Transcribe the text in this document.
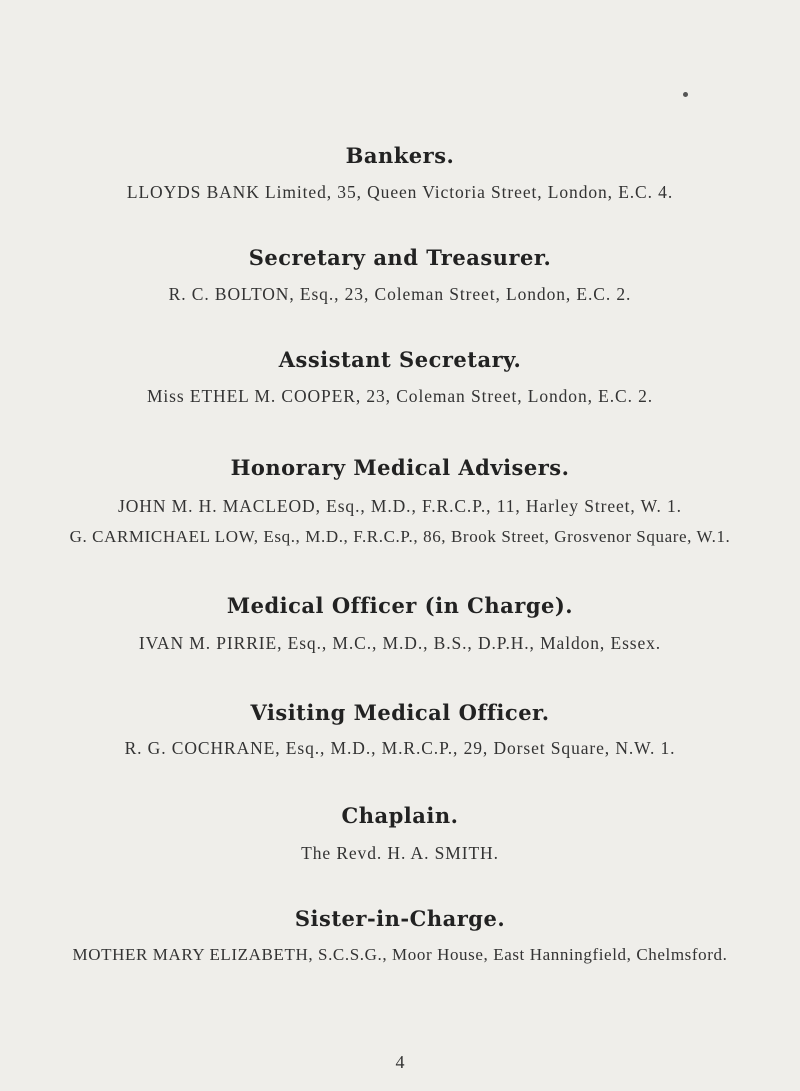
Bankers.
LLOYDS BANK Limited, 35, Queen Victoria Street, London, E.C. 4.
Secretary and Treasurer.
R. C. BOLTON, Esq., 23, Coleman Street, London, E.C. 2.
Assistant Secretary.
Miss ETHEL M. COOPER, 23, Coleman Street, London, E.C. 2.
Honorary Medical Advisers.
JOHN M. H. MACLEOD, Esq., M.D., F.R.C.P., 11, Harley Street, W. 1.
G. CARMICHAEL LOW, Esq., M.D., F.R.C.P., 86, Brook Street, Grosvenor Square, W.1.
Medical Officer (in Charge).
IVAN M. PIRRIE, Esq., M.C., M.D., B.S., D.P.H., Maldon, Essex.
Visiting Medical Officer.
R. G. COCHRANE, Esq., M.D., M.R.C.P., 29, Dorset Square, N.W. 1.
Chaplain.
The Revd. H. A. SMITH.
Sister-in-Charge.
MOTHER MARY ELIZABETH, S.C.S.G., Moor House, East Hanningfield, Chelmsford.
4
